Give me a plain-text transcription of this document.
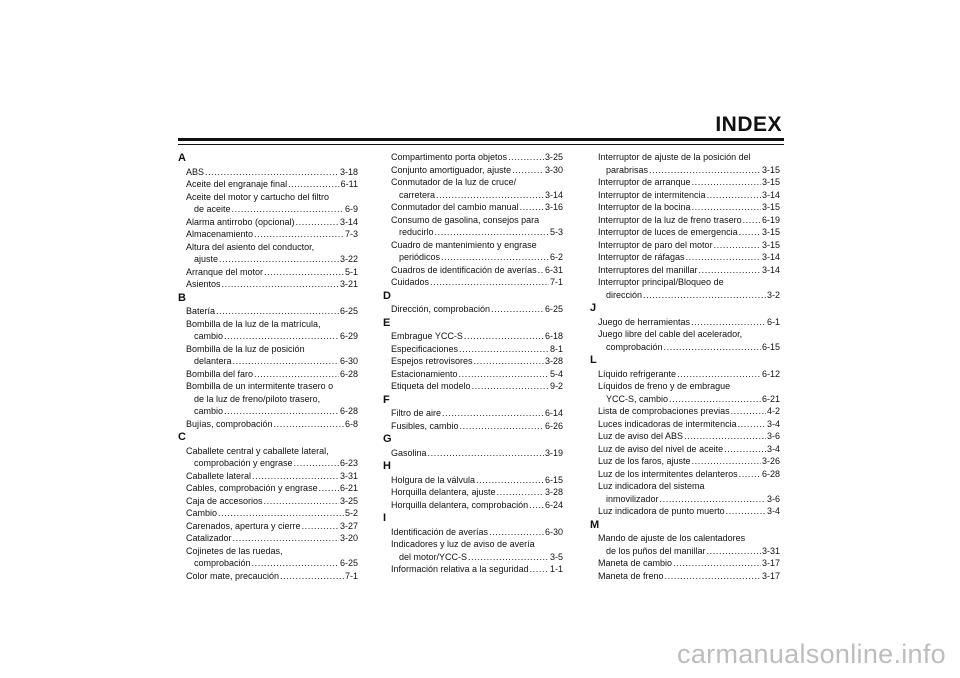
INDEX
A
ABS .....	3-18
Aceite del engranaje final .....	6-11
Aceite del motor y cartucho del filtro
de aceite .....	6-9
Alarma antirrobo (opcional) .....	3-14
Almacenamiento .....	7-3
Altura del asiento del conductor,
ajuste .....	3-22
Arranque del motor .....	5-1
Asientos .....	3-21
B
Batería .....	6-25
Bombilla de la luz de la matrícula,
cambio .....	6-29
Bombilla de la luz de posición
delantera .....	6-30
Bombilla del faro .....	6-28
Bombilla de un intermitente trasero o
de la luz de freno/piloto trasero,
cambio .....	6-28
Bujías, comprobación .....	6-8
C
Caballete central y caballete lateral,
comprobación y engrase .....	6-23
Caballete lateral .....	3-31
Cables, comprobación y engrase ..... 6-21
Caja de accesorios .....	3-25
Cambio .....	5-2
Carenados, apertura y cierre .....	3-27
Catalizador .....	3-20
Cojinetes de las ruedas,
comprobación .....	6-25
Color mate, precaución .....	7-1
Compartimento porta objetos .....	3-25
Conjunto amortiguador, ajuste .....	3-30
Conmutador de la luz de cruce/
carretera .....	3-14
Conmutador del cambio manual .....	3-16
Consumo de gasolina, consejos para
reducirlo .....	5-3
Cuadro de mantenimiento y engrase
periódicos .....	6-2
Cuadros de identificación de averías ..... 6-31
Cuidados .....	7-1
D
Dirección, comprobación .....	6-25
E
Embrague YCC-S .....	6-18
Especificaciones .....	8-1
Espejos retrovisores .....	3-28
Estacionamiento .....	5-4
Etiqueta del modelo .....	9-2
F
Filtro de aire .....	6-14
Fusibles, cambio .....	6-26
G
Gasolina .....	3-19
H
Holgura de la válvula .....	6-15
Horquilla delantera, ajuste .....	3-28
Horquilla delantera, comprobación ..... 6-24
I
Identificación de averías .....	6-30
Indicadores y luz de aviso de avería
del motor/YCC-S .....	3-5
Información relativa a la seguridad ..... 1-1
Interruptor de ajuste de la posición del
parabrisas .....	3-15
Interruptor de arranque .....	3-15
Interruptor de intermitencia .....	3-14
Interruptor de la bocina .....	3-15
Interruptor de la luz de freno trasero ..... 6-19
Interruptor de luces de emergencia .....	3-15
Interruptor de paro del motor .....	3-15
Interruptor de ráfagas .....	3-14
Interruptores del manillar .....	3-14
Interruptor principal/Bloqueo de
dirección .....	3-2
J
Juego de herramientas .....	6-1
Juego libre del cable del acelerador,
comprobación .....	6-15
L
Líquido refrigerante .....	6-12
Líquidos de freno y de embrague
YCC-S, cambio .....	6-21
Lista de comprobaciones previas .....	4-2
Luces indicadoras de intermitencia .....	3-4
Luz de aviso del ABS .....	3-6
Luz de aviso del nivel de aceite .....	3-4
Luz de los faros, ajuste .....	3-26
Luz de los intermitentes delanteros .....	6-28
Luz indicadora del sistema
inmovilizador .....	3-6
Luz indicadora de punto muerto .....	3-4
M
Mando de ajuste de los calentadores
de los puños del manillar .....	3-31
Maneta de cambio .....	3-17
Maneta de freno .....	3-17
carmanualsonline.info
